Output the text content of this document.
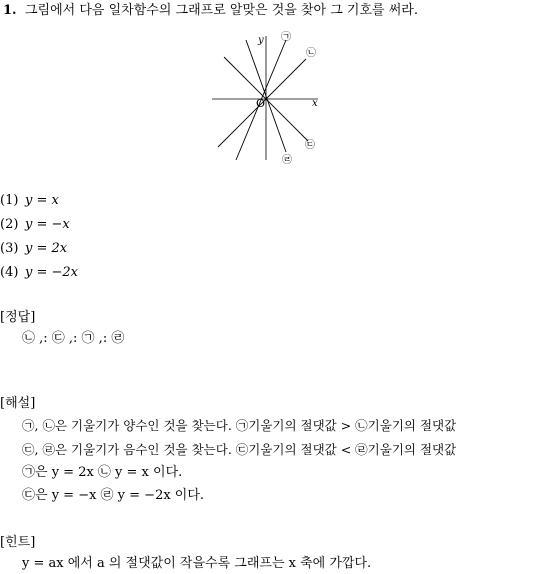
1. 그림에서 다음 일차함수의 그래프로 알맞은 것을 찾아 그 기호를 써라.
y
x
O
㉠
㉡
㉢
㉣
(1) y = x
(2) y = −x
(3) y = 2x
(4) y = −2x
[정답]
㉡ ,: ㉢ ,: ㉠ ,: ㉣
[해설]
㉠, ㉡은 기울기가 양수인 것을 찾는다. ㉠기울기의 절댓값 > ㉡기울기의 절댓값
㉢, ㉣은 기울기가 음수인 것을 찾는다. ㉢기울기의 절댓값 < ㉣기울기의 절댓값
㉠은 y = 2x ㉡ y = x 이다.
㉢은 y = −x ㉣ y = −2x 이다.
[힌트]
y = ax 에서 a 의 절댓값이 작을수록 그래프는 x 축에 가깝다.
